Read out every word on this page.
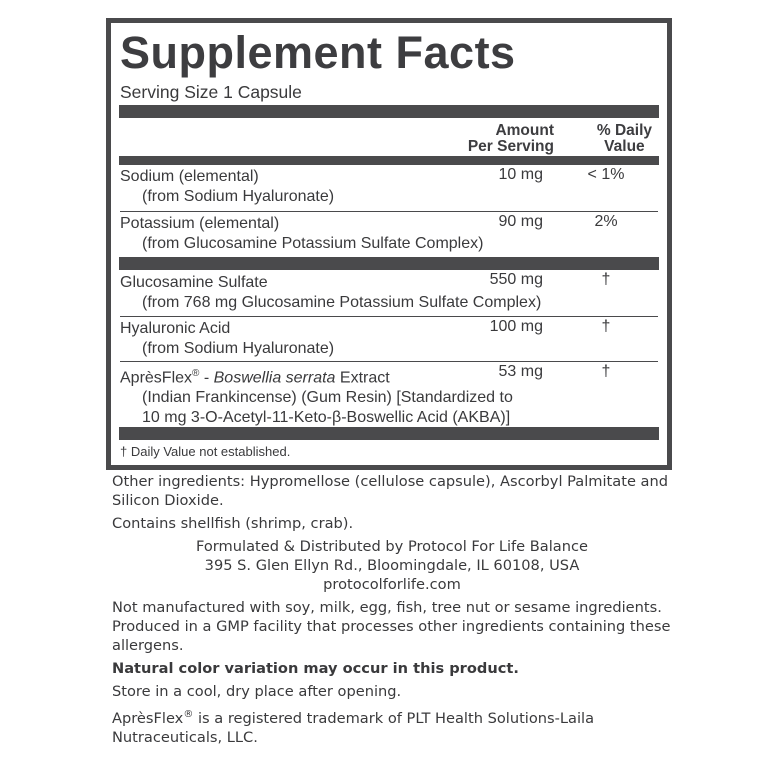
Supplement Facts
Serving Size 1 Capsule
Amount
Per Serving
% Daily
Value
Sodium (elemental)
(from Sodium Hyaluronate)
10 mg	< 1%
Potassium (elemental)
(from Glucosamine Potassium Sulfate Complex)
90 mg	2%
Glucosamine Sulfate
(from 768 mg Glucosamine Potassium Sulfate Complex)
550 mg	†
Hyaluronic Acid
(from Sodium Hyaluronate)
100 mg	†
AprèsFlex® - Boswellia serrata Extract
(Indian Frankincense) (Gum Resin) [Standardized to
10 mg 3-O-Acetyl-11-Keto-β-Boswellic Acid (AKBA)]
53 mg	†
† Daily Value not established.

Other ingredients: Hypromellose (cellulose capsule), Ascorbyl Palmitate and Silicon Dioxide.

Contains shellfish (shrimp, crab).

Formulated & Distributed by Protocol For Life Balance
395 S. Glen Ellyn Rd., Bloomingdale, IL 60108, USA
protocolforlife.com

Not manufactured with soy, milk, egg, fish, tree nut or sesame ingredients. Produced in a GMP facility that processes other ingredients containing these allergens.

Natural color variation may occur in this product.

Store in a cool, dry place after opening.

AprèsFlex® is a registered trademark of PLT Health Solutions-Laila Nutraceuticals, LLC.
